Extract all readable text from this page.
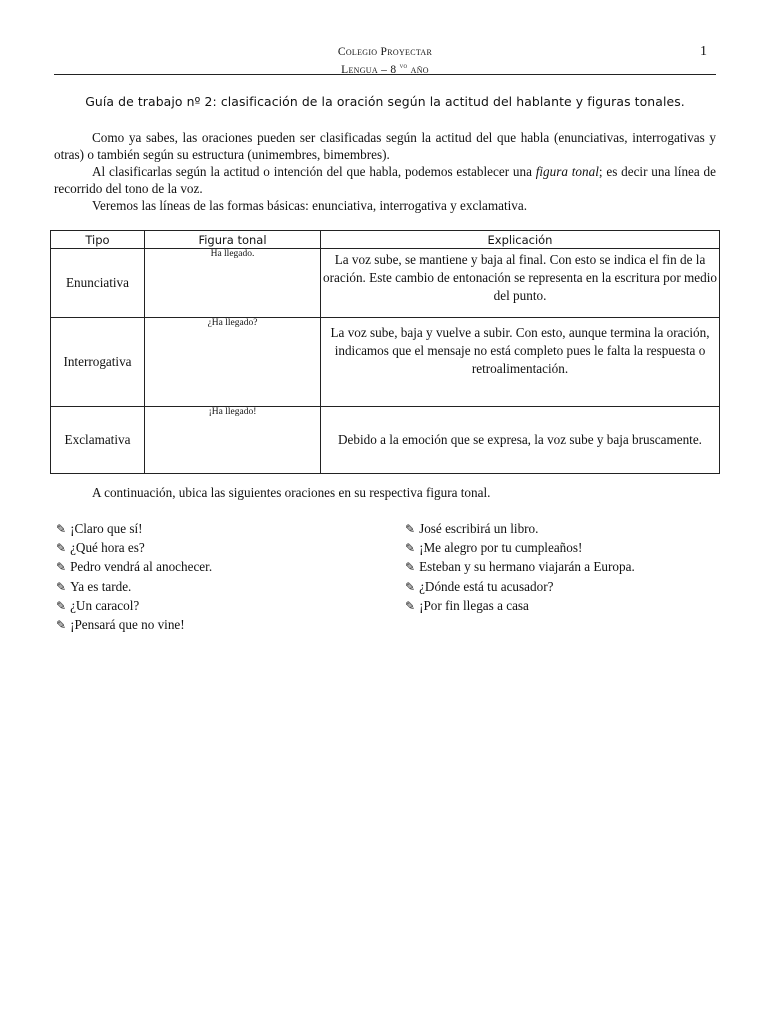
1
Colegio Proyectar
Lengua – 8 $^{vo}$ año
Guía de trabajo nº 2: clasificación de la oración según la actitud del hablante y figuras tonales.

Como ya sabes, las oraciones pueden ser clasificadas según la actitud del que habla (enunciativas, interrogativas y otras) o también según su estructura (unimembres, bimembres).

Al clasificarlas según la actitud o intención del que habla, podemos establecer una figura tonal; es decir una línea de recorrido del tono de la voz.

Veremos las líneas de las formas básicas: enunciativa, interrogativa y exclamativa.

Tipo	Figura tonal	Explicación
Enunciativa	Ha llegado.	La voz sube, se mantiene y baja al final. Con esto se indica el fin de la oración. Este cambio de entonación se representa en la escritura por medio del punto.
Interrogativa	¿Ha llegado?	La voz sube, baja y vuelve a subir. Con esto, aunque termina la oración, indicamos que el mensaje no está completo pues le falta la respuesta o retroalimentación.
Exclamativa	¡Ha llegado!	Debido a la emoción que se expresa, la voz sube y baja bruscamente.
A continuación, ubica las siguientes oraciones en su respectiva figura tonal.
✎ ¡Claro que sí!
✎ ¿Qué hora es?
✎ Pedro vendrá al anochecer.
✎ Ya es tarde.
✎ ¿Un caracol?
✎ ¡Pensará que no vine!
✎ José escribirá un libro.
✎ ¡Me alegro por tu cumpleaños!
✎ Esteban y su hermano viajarán a Europa.
✎ ¿Dónde está tu acusador?
✎ ¡Por fin llegas a casa
